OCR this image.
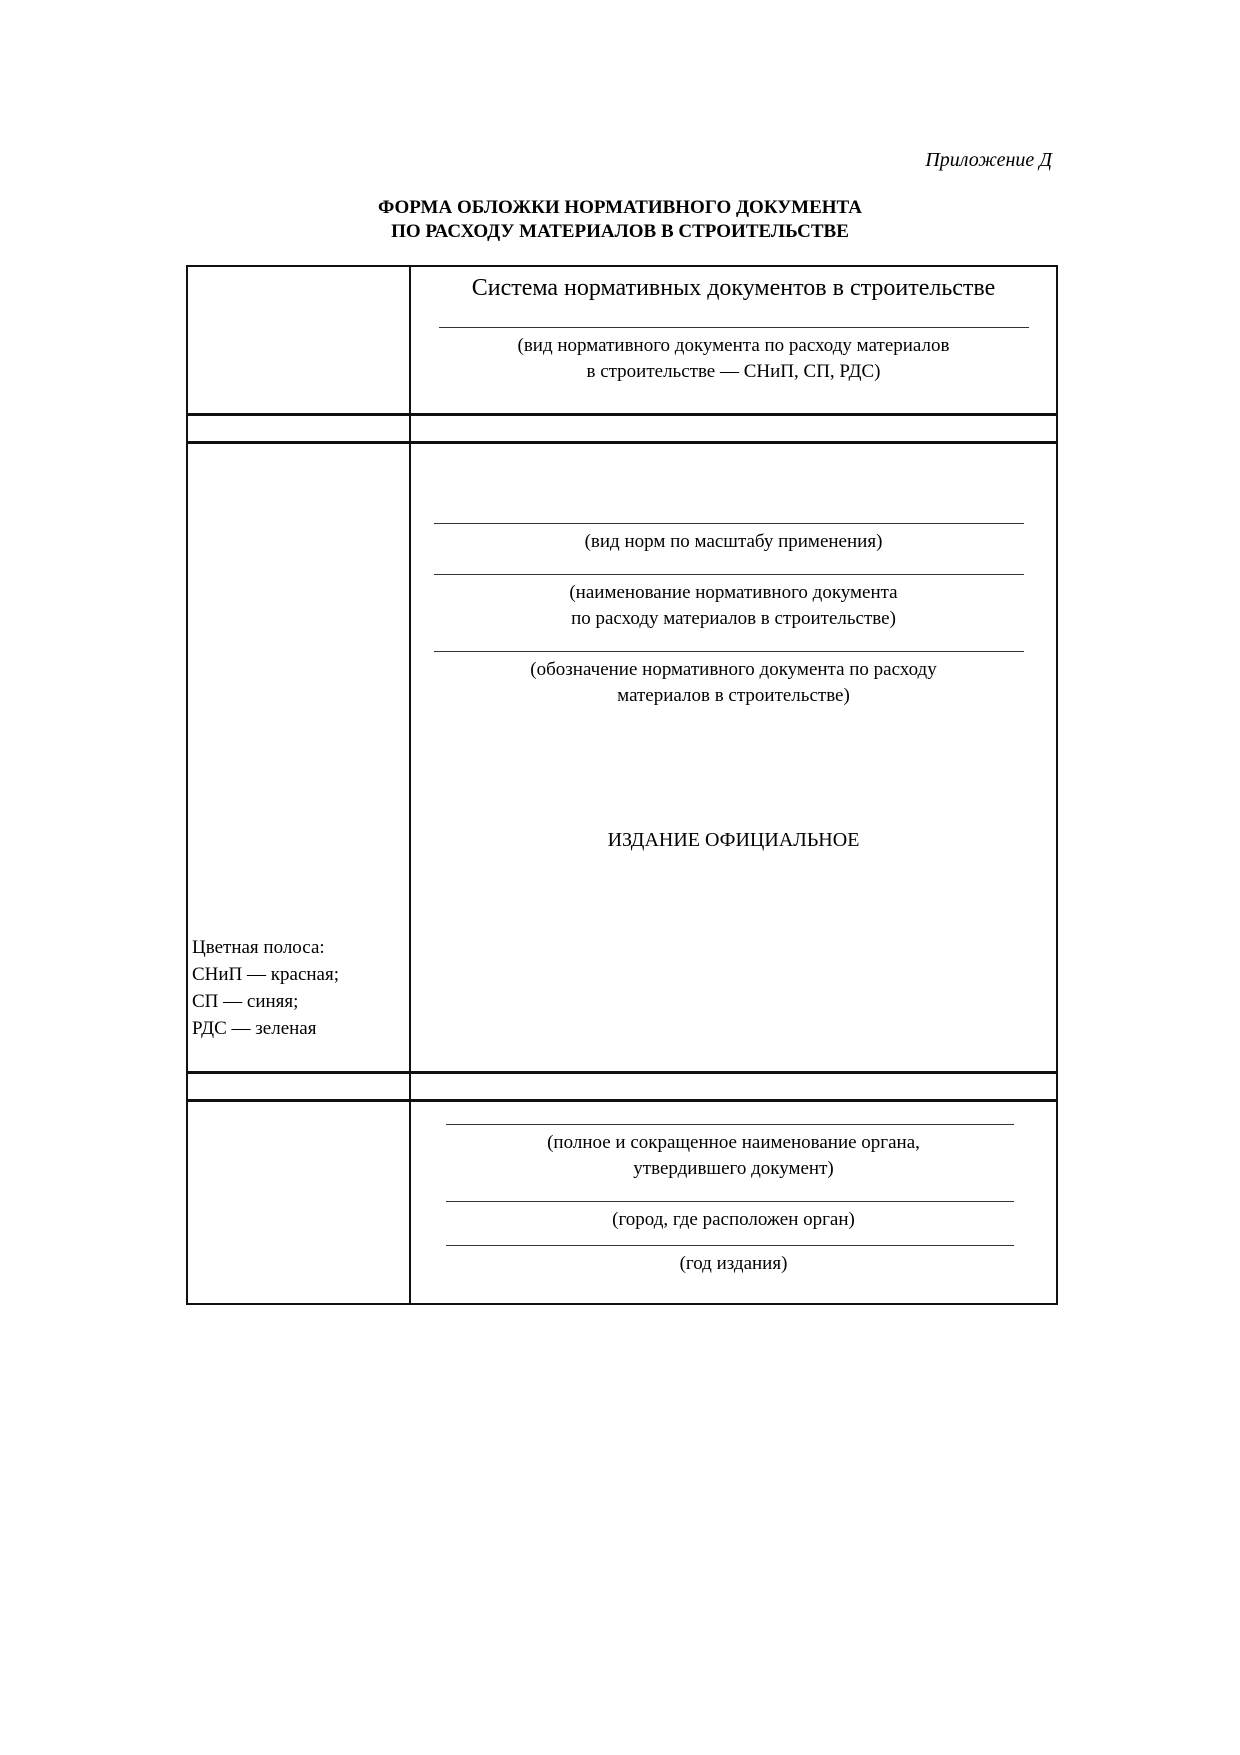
Приложение Д
ФОРМА ОБЛОЖКИ НОРМАТИВНОГО ДОКУМЕНТА
ПО РАСХОДУ МАТЕРИАЛОВ В СТРОИТЕЛЬСТВЕ
Система нормативных документов в строительстве
(вид нормативного документа по расходу материалов
в строительстве — СНиП, СП, РДС)
(вид норм по масштабу применения)
(наименование нормативного документа
по расходу материалов в строительстве)
(обозначение нормативного документа по расходу
материалов в строительстве)
ИЗДАНИЕ ОФИЦИАЛЬНОЕ
Цветная полоса:
СНиП — красная;
СП — синяя;
РДС — зеленая
(полное и сокращенное наименование органа,
утвердившего документ)
(город, где расположен орган)
(год издания)
